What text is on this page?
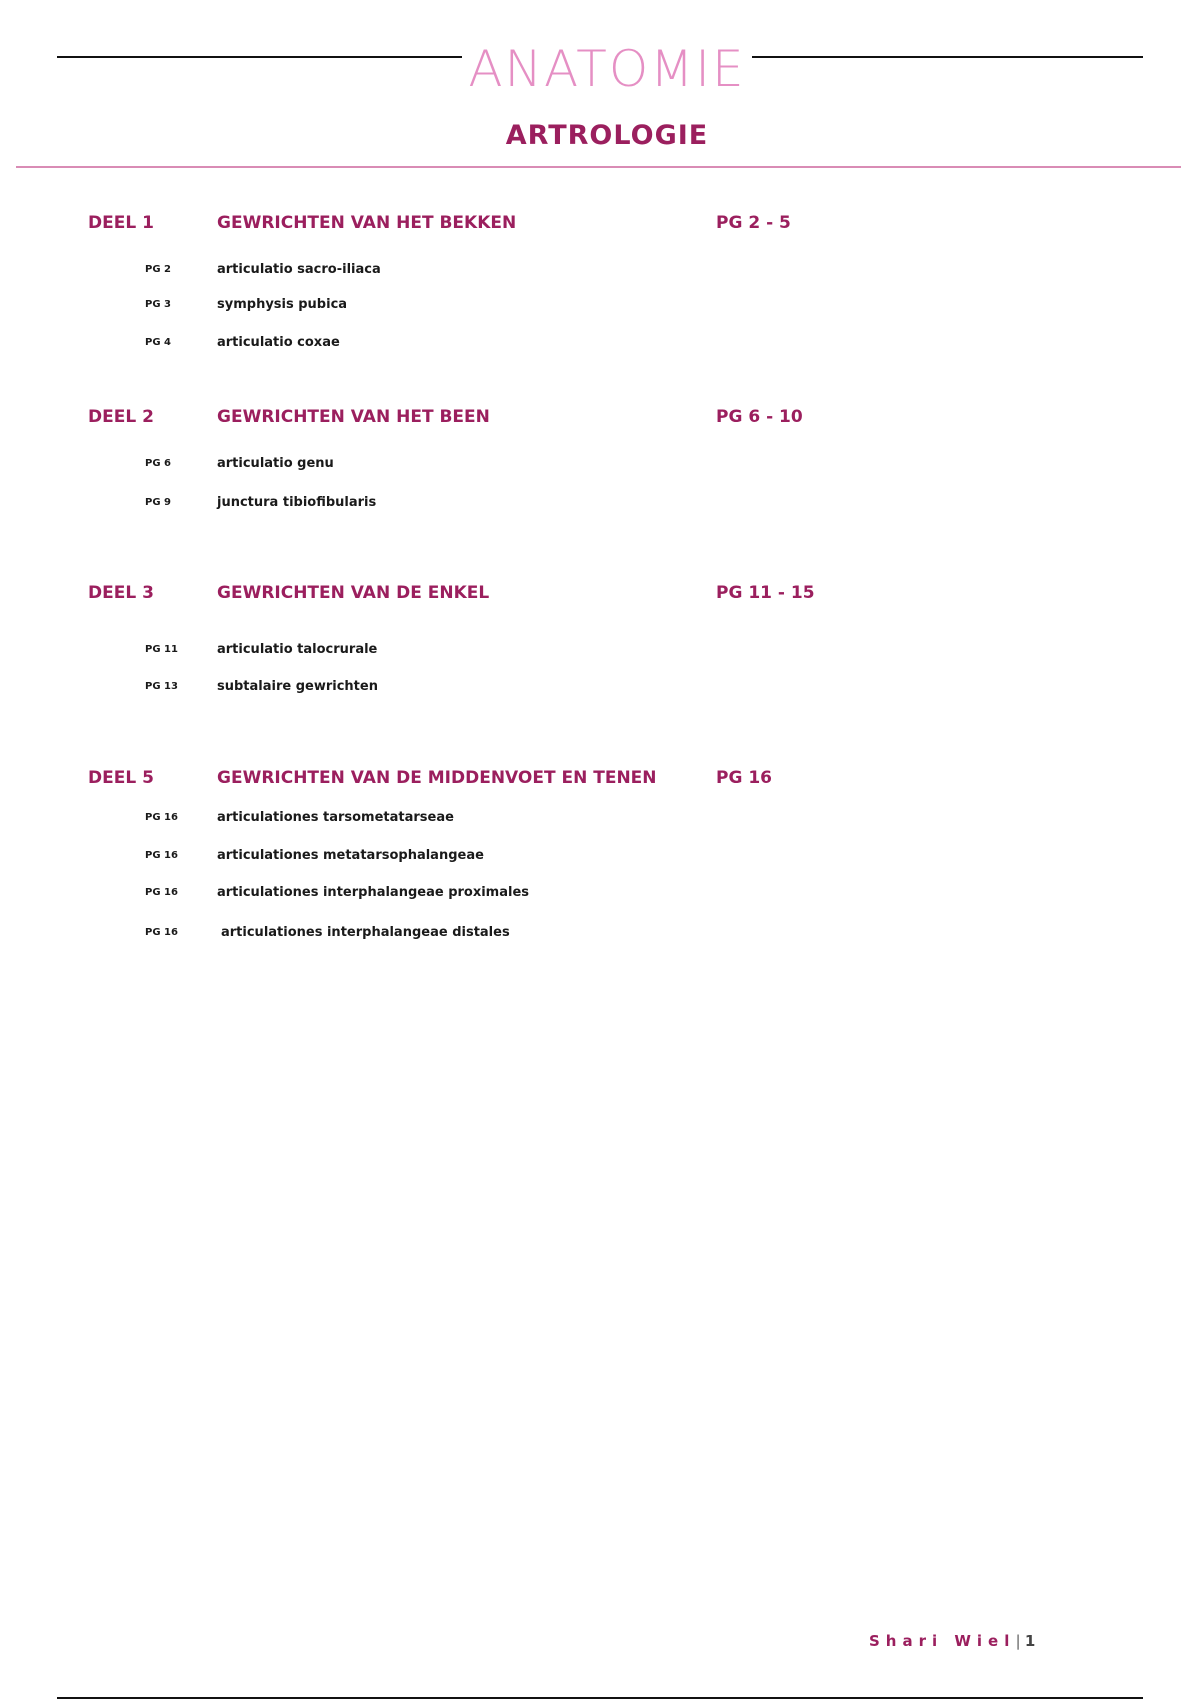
ANATOMIE
ARTROLOGIE
DEEL 1	GEWRICHTEN VAN HET BEKKEN	PG 2 - 5
PG 2	articulatio sacro-iliaca
PG 3	symphysis pubica
PG 4	articulatio coxae
DEEL 2	GEWRICHTEN VAN HET BEEN	PG 6 - 10
PG 6	articulatio genu
PG 9	junctura tibiofibularis
DEEL 3	GEWRICHTEN VAN DE ENKEL	PG 11 - 15
PG 11	articulatio talocrurale
PG 13	subtalaire gewrichten
DEEL 5	GEWRICHTEN VAN DE MIDDENVOET EN TENEN	PG 16
PG 16	articulationes tarsometatarseae
PG 16	articulationes metatarsophalangeae
PG 16	articulationes interphalangeae proximales
PG 16	articulationes interphalangeae distales
Shari Wiel| 1
